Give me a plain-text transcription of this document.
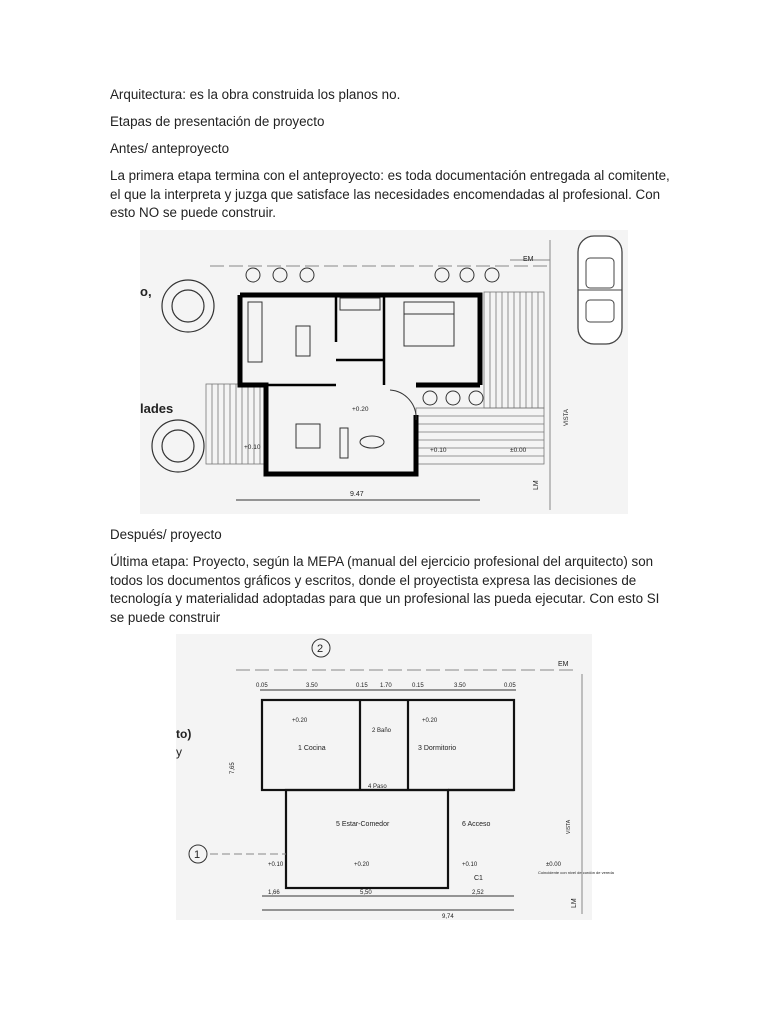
Arquitectura: es la obra construida los planos no.

Etapas de presentación de proyecto

Antes/ anteproyecto

La primera etapa termina con el anteproyecto: es toda documentación entregada al comitente, el que la interpreta y juzga que satisface las necesidades encomendadas al profesional. Con esto NO se puede construir.

EM
o,
lades	+0.20
+0.10	+0.10	±0.00
9.47
LM
VISTA

Después/ proyecto

Última etapa: Proyecto, según la MEPA (manual del ejercicio profesional del arquitecto) son todos los documentos gráficos y escritos, donde el proyectista expresa las decisiones de tecnología y materialidad adoptadas para que un profesional las pueda ejecutar. Con esto SI se puede construir

2
EM
to)
y
0.05	3.50	0.15 1.70	0.15	3.50	0.05
1 Cocina
2 Baño
3 Dormitorio
4 Paso
5 Estar-Comedor	6 Acceso
+0.20	+0.20
+0.20
+0.10	+0.10	±0.00
C1
Coincidente con nivel de cordón de vereda
1
7,65
1,66	5,50	2,52
9,74
LM
VISTA
